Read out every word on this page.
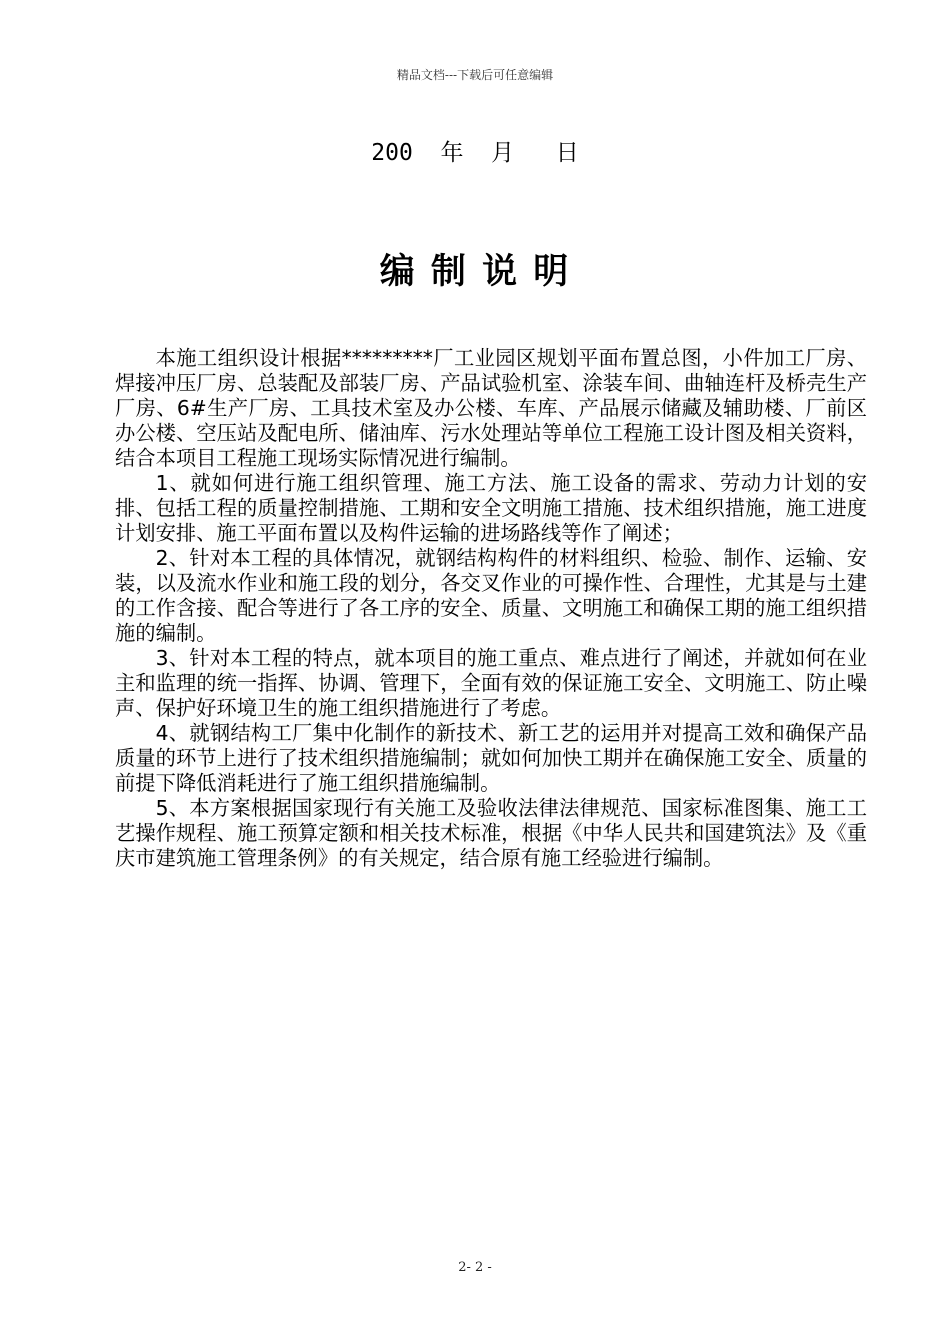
精品文档---下载后可任意编辑
200  年  月   日
编 制 说 明

本施工组织设计根据*********厂工业园区规划平面布置总图，小件加工厂房、焊接冲压厂房、总装配及部装厂房、产品试验机室、涂装车间、曲轴连杆及桥壳生产厂房、6#生产厂房、工具技术室及办公楼、车库、产品展示储藏及辅助楼、厂前区办公楼、空压站及配电所、储油库、污水处理站等单位工程施工设计图及相关资料，结合本项目工程施工现场实际情况进行编制。

1、就如何进行施工组织管理、施工方法、施工设备的需求、劳动力计划的安排、包括工程的质量控制措施、工期和安全文明施工措施、技术组织措施，施工进度计划安排、施工平面布置以及构件运输的进场路线等作了阐述；

2、针对本工程的具体情况，就钢结构构件的材料组织、检验、制作、运输、安装，以及流水作业和施工段的划分，各交叉作业的可操作性、合理性，尤其是与土建的工作含接、配合等进行了各工序的安全、质量、文明施工和确保工期的施工组织措施的编制。

3、针对本工程的特点，就本项目的施工重点、难点进行了阐述，并就如何在业主和监理的统一指挥、协调、管理下，全面有效的保证施工安全、文明施工、防止噪声、保护好环境卫生的施工组织措施进行了考虑。

4、就钢结构工厂集中化制作的新技术、新工艺的运用并对提高工效和确保产品质量的环节上进行了技术组织措施编制；就如何加快工期并在确保施工安全、质量的前提下降低消耗进行了施工组织措施编制。

5、本方案根据国家现行有关施工及验收法律法律规范、国家标准图集、施工工艺操作规程、施工预算定额和相关技术标准，根据《中华人民共和国建筑法》及《重庆市建筑施工管理条例》的有关规定，结合原有施工经验进行编制。

2- 2 -
